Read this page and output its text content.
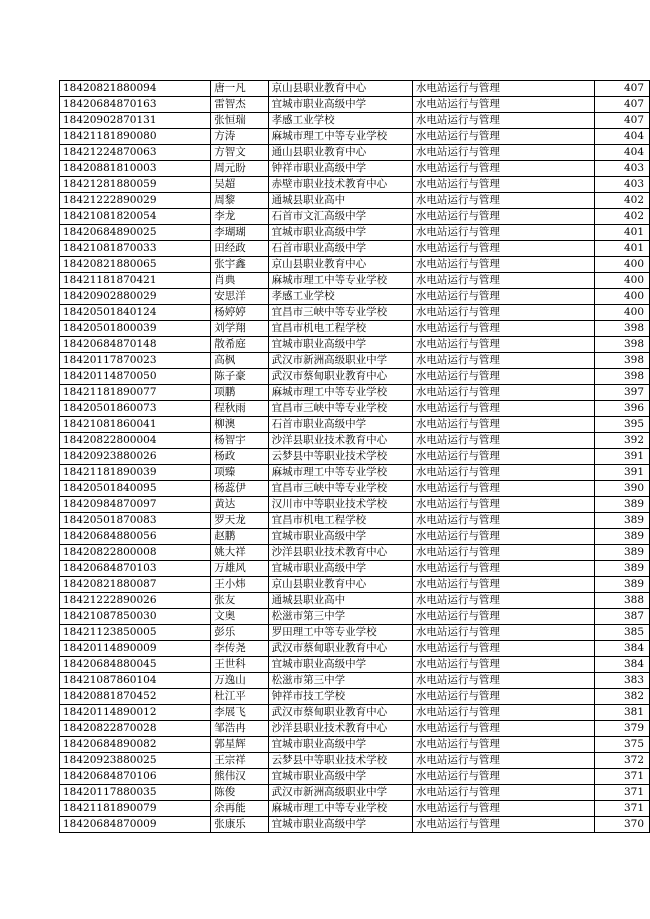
18420821880094	唐一凡	京山县职业教育中心	水电站运行与管理	407
18420684870163	雷智杰	宜城市职业高级中学	水电站运行与管理	407
18420902870131	张恒瑞	孝感工业学校	水电站运行与管理	407
18421181890080	方涛	麻城市理工中等专业学校	水电站运行与管理	404
18421224870063	方智文	通山县职业教育中心	水电站运行与管理	404
18420881810003	周元盼	钟祥市职业高级中学	水电站运行与管理	403
18421281880059	吴超	赤壁市职业技术教育中心	水电站运行与管理	403
18421222890029	周黎	通城县职业高中	水电站运行与管理	402
18421081820054	李龙	石首市文汇高级中学	水电站运行与管理	402
18420684890025	李瑚瑚	宜城市职业高级中学	水电站运行与管理	401
18421081870033	田经政	石首市职业高级中学	水电站运行与管理	401
18420821880065	张宇鑫	京山县职业教育中心	水电站运行与管理	400
18421181870421	肖典	麻城市理工中等专业学校	水电站运行与管理	400
18420902880029	安思洋	孝感工业学校	水电站运行与管理	400
18420501840124	杨婷婷	宜昌市三峡中等专业学校	水电站运行与管理	400
18420501800039	刘学翔	宜昌市机电工程学校	水电站运行与管理	398
18420684870148	散希庭	宜城市职业高级中学	水电站运行与管理	398
18420117870023	高枫	武汉市新洲高级职业中学	水电站运行与管理	398
18420114870050	陈子豪	武汉市蔡甸职业教育中心	水电站运行与管理	398
18421181890077	项鹏	麻城市理工中等专业学校	水电站运行与管理	397
18420501860073	程秋雨	宜昌市三峡中等专业学校	水电站运行与管理	396
18421081860041	柳澳	石首市职业高级中学	水电站运行与管理	395
18420822800004	杨智宇	沙洋县职业技术教育中心	水电站运行与管理	392
18420923880026	杨政	云梦县中等职业技术学校	水电站运行与管理	391
18421181890039	项臻	麻城市理工中等专业学校	水电站运行与管理	391
18420501840095	杨蕊伊	宜昌市三峡中等专业学校	水电站运行与管理	390
18420984870097	黄达	汉川市中等职业技术学校	水电站运行与管理	389
18420501870083	罗天龙	宜昌市机电工程学校	水电站运行与管理	389
18420684880056	赵鹏	宜城市职业高级中学	水电站运行与管理	389
18420822800008	姚大祥	沙洋县职业技术教育中心	水电站运行与管理	389
18420684870103	万雄风	宜城市职业高级中学	水电站运行与管理	389
18420821880087	王小炜	京山县职业教育中心	水电站运行与管理	389
18421222890026	张友	通城县职业高中	水电站运行与管理	388
18421087850030	文奥	松滋市第三中学	水电站运行与管理	387
18421123850005	彭乐	罗田理工中等专业学校	水电站运行与管理	385
18420114890009	李传尧	武汉市蔡甸职业教育中心	水电站运行与管理	384
18420684880045	王世科	宜城市职业高级中学	水电站运行与管理	384
18421087860104	万逸山	松滋市第三中学	水电站运行与管理	383
18420881870452	杜江平	钟祥市技工学校	水电站运行与管理	382
18420114890012	李展飞	武汉市蔡甸职业教育中心	水电站运行与管理	381
18420822870028	邹浩冉	沙洋县职业技术教育中心	水电站运行与管理	379
18420684890082	郭星辉	宜城市职业高级中学	水电站运行与管理	375
18420923880025	王宗祥	云梦县中等职业技术学校	水电站运行与管理	372
18420684870106	熊伟汉	宜城市职业高级中学	水电站运行与管理	371
18420117880035	陈俊	武汉市新洲高级职业中学	水电站运行与管理	371
18421181890079	余再能	麻城市理工中等专业学校	水电站运行与管理	371
18420684870009	张康乐	宜城市职业高级中学	水电站运行与管理	370
